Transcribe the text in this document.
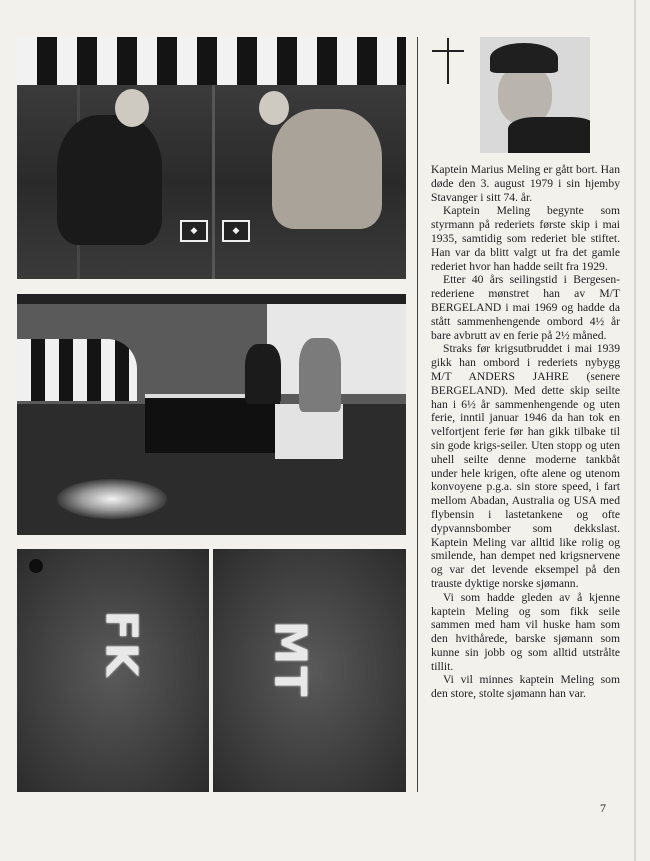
◆	◆
FK	MT

Kaptein Marius Meling er gått bort. Han døde den 3. august 1979 i sin hjemby Stavanger i sitt 74. år.

Kaptein Meling begynte som styrmann på rederiets første skip i mai 1935, samtidig som rederiet ble stiftet. Han var da blitt valgt ut fra det gamle rederiet hvor han hadde seilt fra 1929.

Etter 40 års seilingstid i Bergesen-rederiene mønstret han av M/T BERGELAND i mai 1969 og hadde da stått sammenhengende ombord 4½ år bare avbrutt av en ferie på 2½ måned.

Straks før krigsutbruddet i mai 1939 gikk han ombord i rederiets nybygg M/T ANDERS JAHRE (senere BERGELAND). Med dette skip seilte han i 6½ år sammenhengende og uten ferie, inntil januar 1946 da han tok en velfortjent ferie før han gikk tilbake til sin gode krigs-seiler. Uten stopp og uten uhell seilte denne moderne tankbåt under hele krigen, ofte alene og utenom konvoyene p.g.a. sin store speed, i fart mellom Abadan, Australia og USA med flybensin i lastetankene og ofte dypvannsbomber som dekkslast. Kaptein Meling var alltid like rolig og smilende, han dempet ned krigsnervene og var det levende eksempel på den trauste dyktige norske sjømann.

Vi som hadde gleden av å kjenne kaptein Meling og som fikk seile sammen med ham vil huske ham som den hvithårede, barske sjømann som kunne sin jobb og som alltid utstrålte tillit.

Vi vil minnes kaptein Meling som den store, stolte sjømann han var.

7
